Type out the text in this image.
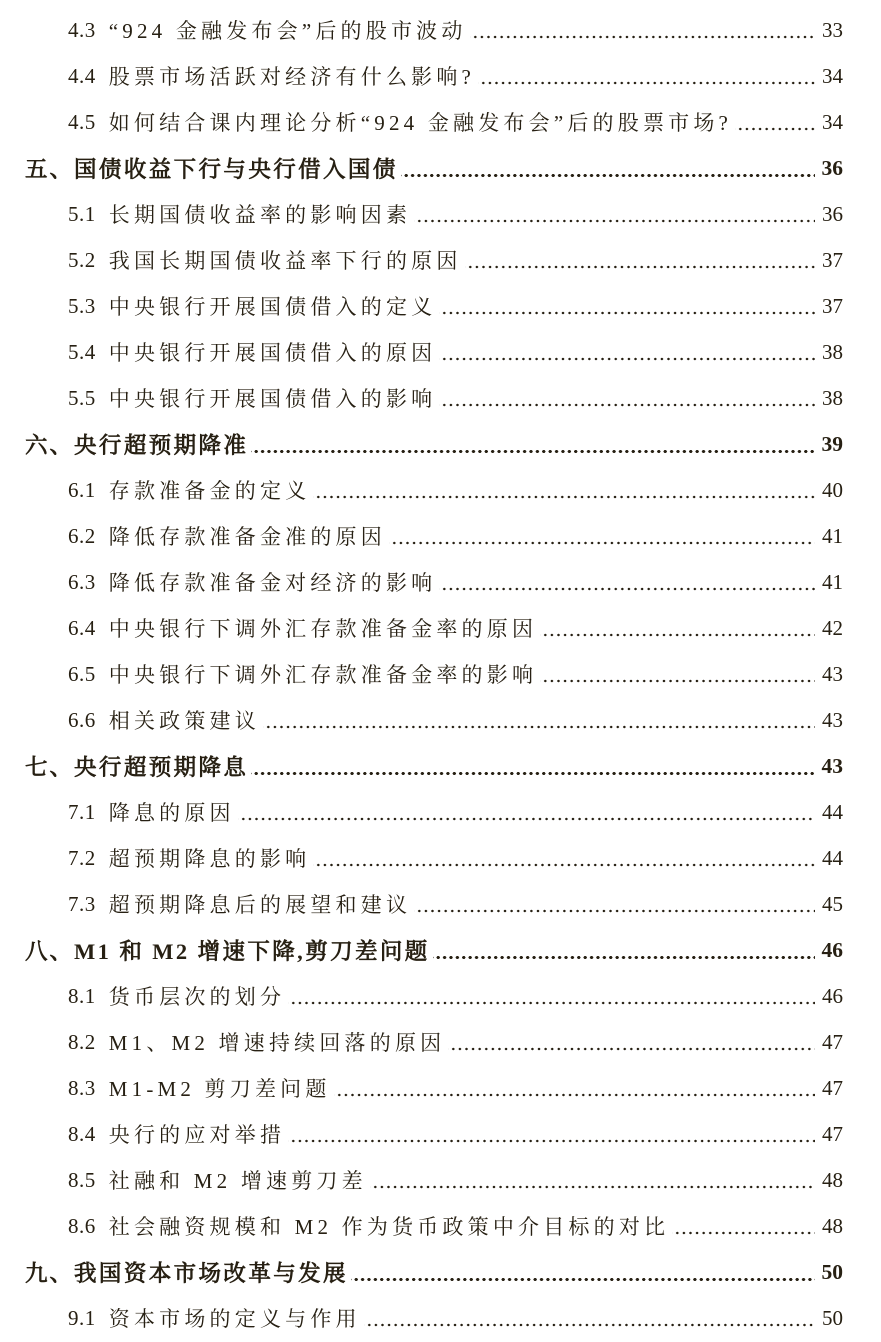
4.3 “924 金融发布会”后的股市波动	33
4.4 股票市场活跃对经济有什么影响?	34
4.5 如何结合课内理论分析“924 金融发布会”后的股票市场?	34
五、 国债收益下行与央行借入国债	36
5.1 长期国债收益率的影响因素	36
5.2 我国长期国债收益率下行的原因	37
5.3 中央银行开展国债借入的定义	37
5.4 中央银行开展国债借入的原因	38
5.5 中央银行开展国债借入的影响	38
六、 央行超预期降准	39
6.1 存款准备金的定义	40
6.2 降低存款准备金准的原因	41
6.3 降低存款准备金对经济的影响	41
6.4 中央银行下调外汇存款准备金率的原因	42
6.5 中央银行下调外汇存款准备金率的影响	43
6.6 相关政策建议	43
七、 央行超预期降息	43
7.1 降息的原因	44
7.2 超预期降息的影响	44
7.3 超预期降息后的展望和建议	45
八、 M1 和 M2 增速下降,剪刀差问题	46
8.1 货币层次的划分	46
8.2 M1、M2 增速持续回落的原因	47
8.3 M1-M2 剪刀差问题	47
8.4 央行的应对举措	47
8.5 社融和 M2 增速剪刀差	48
8.6 社会融资规模和 M2 作为货币政策中介目标的对比	48
九、 我国资本市场改革与发展	50
9.1 资本市场的定义与作用	50
